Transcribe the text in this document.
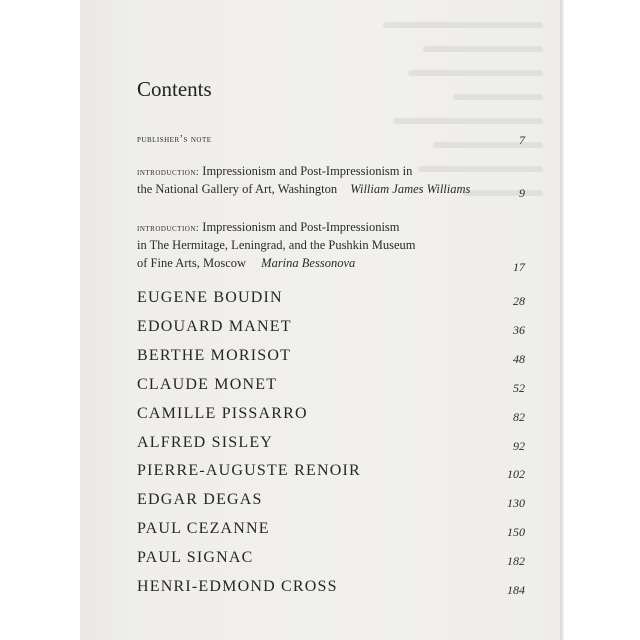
Contents
publisher’s note	7
introduction: Impressionism and Post-Impressionism in
the National Gallery of Art, Washington William James Williams	9
introduction: Impressionism and Post-Impressionism
in The Hermitage, Leningrad, and the Pushkin Museum
of Fine Arts, Moscow Marina Bessonova	17
EUGENE BOUDIN	28
EDOUARD MANET	36
BERTHE MORISOT	48
CLAUDE MONET	52
CAMILLE PISSARRO	82
ALFRED SISLEY	92
PIERRE-AUGUSTE RENOIR	102
EDGAR DEGAS	130
PAUL CEZANNE	150
PAUL SIGNAC	182
HENRI-EDMOND CROSS	184
